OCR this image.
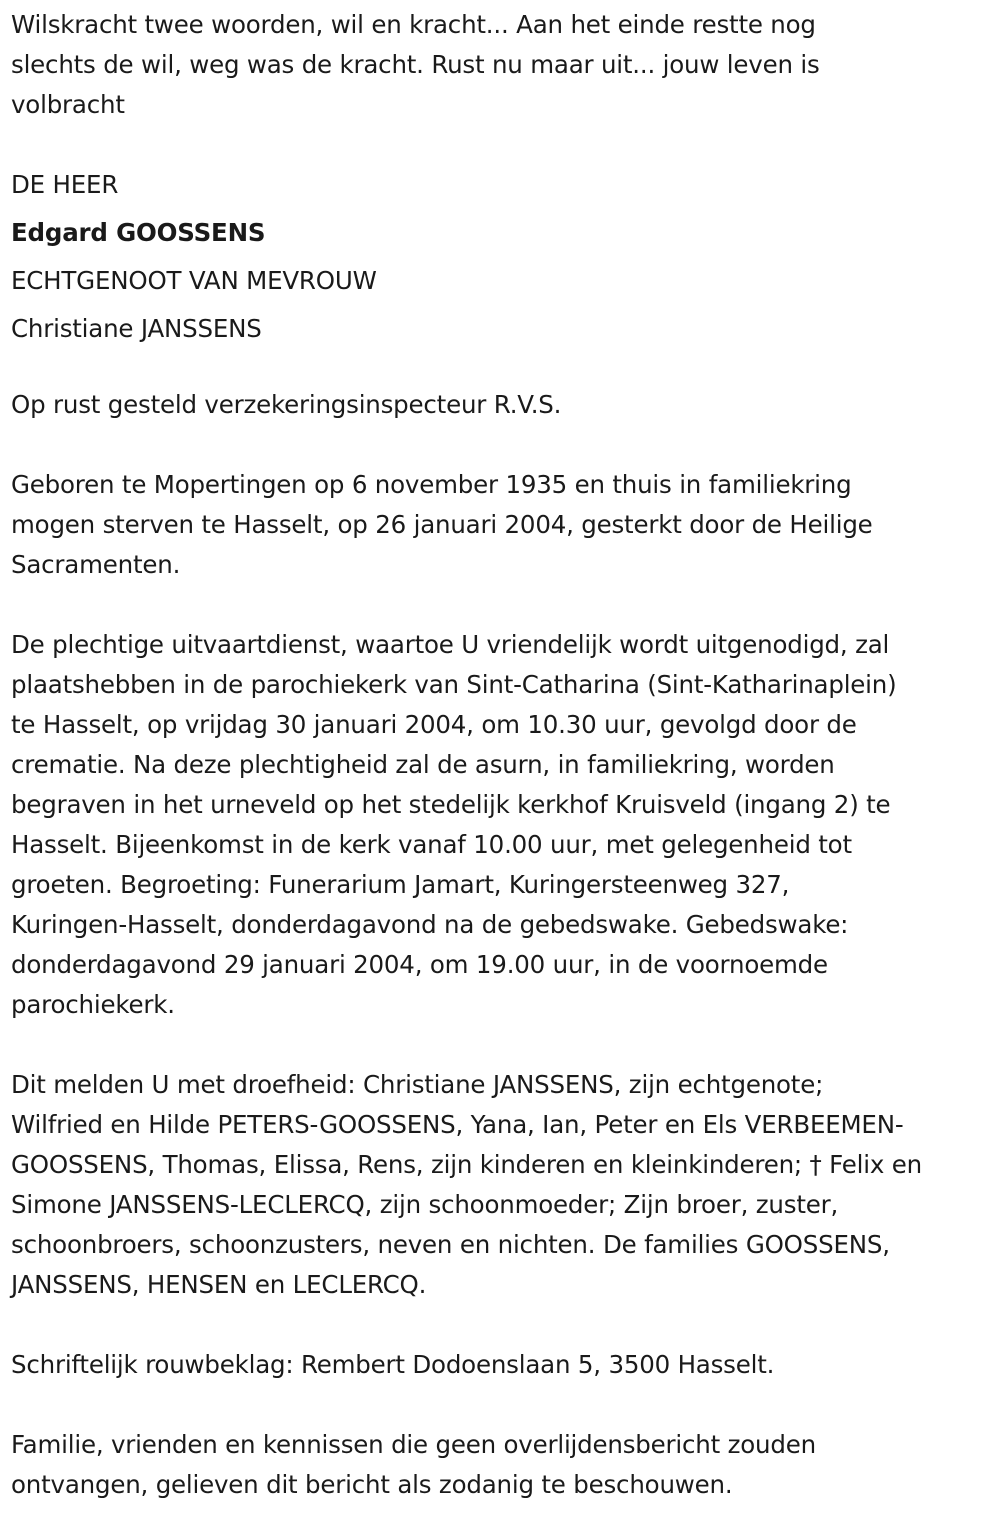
Wilskracht twee woorden, wil en kracht... Aan het einde restte nog
slechts de wil, weg was de kracht. Rust nu maar uit... jouw leven is
volbracht
DE HEER
Edgard GOOSSENS
ECHTGENOOT VAN MEVROUW
Christiane JANSSENS
Op rust gesteld verzekeringsinspecteur R.V.S.
Geboren te Mopertingen op 6 november 1935 en thuis in familiekring
mogen sterven te Hasselt, op 26 januari 2004, gesterkt door de Heilige
Sacramenten.
De plechtige uitvaartdienst, waartoe U vriendelijk wordt uitgenodigd, zal
plaatshebben in de parochiekerk van Sint-Catharina (Sint-Katharinaplein)
te Hasselt, op vrijdag 30 januari 2004, om 10.30 uur, gevolgd door de
crematie. Na deze plechtigheid zal de asurn, in familiekring, worden
begraven in het urneveld op het stedelijk kerkhof Kruisveld (ingang 2) te
Hasselt. Bijeenkomst in de kerk vanaf 10.00 uur, met gelegenheid tot
groeten. Begroeting: Funerarium Jamart, Kuringersteenweg 327,
Kuringen-Hasselt, donderdagavond na de gebedswake. Gebedswake:
donderdagavond 29 januari 2004, om 19.00 uur, in de voornoemde
parochiekerk.
Dit melden U met droefheid: Christiane JANSSENS, zijn echtgenote;
Wilfried en Hilde PETERS-GOOSSENS, Yana, Ian, Peter en Els VERBEEMEN-
GOOSSENS, Thomas, Elissa, Rens, zijn kinderen en kleinkinderen; † Felix en
Simone JANSSENS-LECLERCQ, zijn schoonmoeder; Zijn broer, zuster,
schoonbroers, schoonzusters, neven en nichten. De families GOOSSENS,
JANSSENS, HENSEN en LECLERCQ.
Schriftelijk rouwbeklag: Rembert Dodoenslaan 5, 3500 Hasselt.
Familie, vrienden en kennissen die geen overlijdensbericht zouden
ontvangen, gelieven dit bericht als zodanig te beschouwen.
